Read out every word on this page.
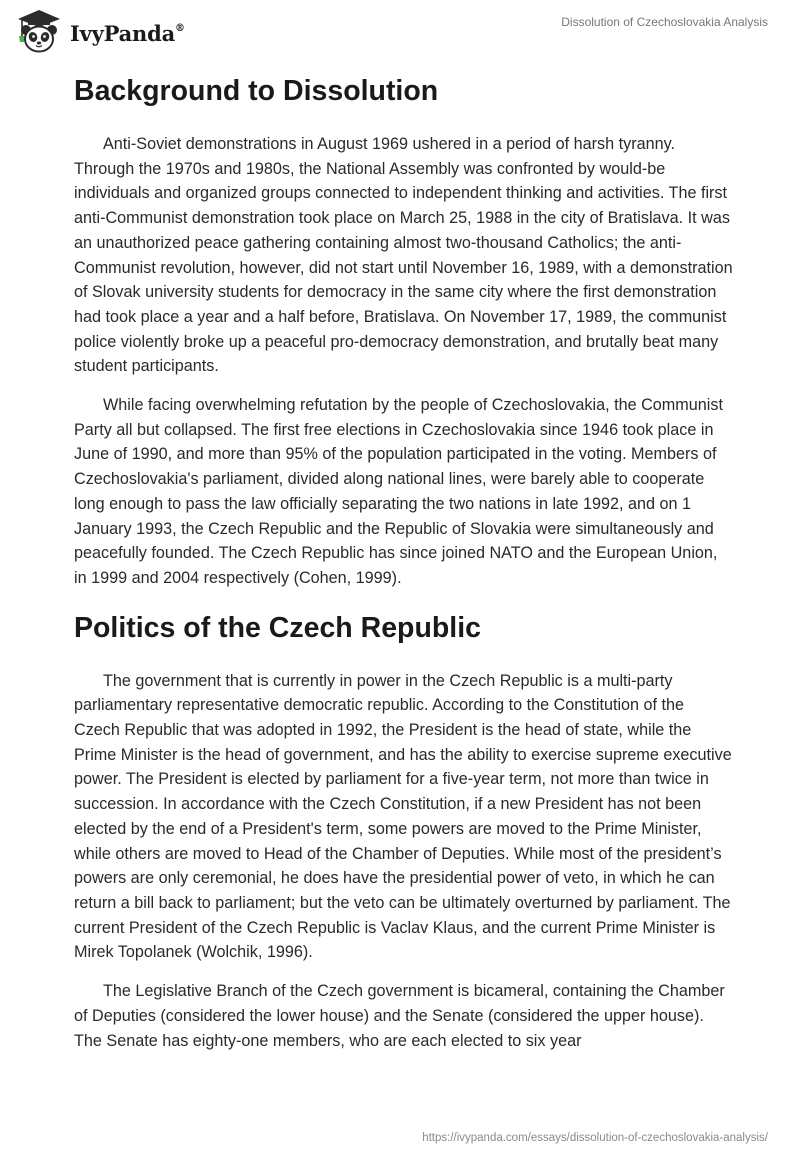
IvyPanda®	Dissolution of Czechoslovakia Analysis
Background to Dissolution

Anti-Soviet demonstrations in August 1969 ushered in a period of harsh tyranny. Through the 1970s and 1980s, the National Assembly was confronted by would-be individuals and organized groups connected to independent thinking and activities. The first anti-Communist demonstration took place on March 25, 1988 in the city of Bratislava. It was an unauthorized peace gathering containing almost two-thousand Catholics; the anti-Communist revolution, however, did not start until November 16, 1989, with a demonstration of Slovak university students for democracy in the same city where the first demonstration had took place a year and a half before, Bratislava. On November 17, 1989, the communist police violently broke up a peaceful pro-democracy demonstration, and brutally beat many student participants.

While facing overwhelming refutation by the people of Czechoslovakia, the Communist Party all but collapsed. The first free elections in Czechoslovakia since 1946 took place in June of 1990, and more than 95% of the population participated in the voting. Members of Czechoslovakia's parliament, divided along national lines, were barely able to cooperate long enough to pass the law officially separating the two nations in late 1992, and on 1 January 1993, the Czech Republic and the Republic of Slovakia were simultaneously and peacefully founded. The Czech Republic has since joined NATO and the European Union, in 1999 and 2004 respectively (Cohen, 1999).

Politics of the Czech Republic

The government that is currently in power in the Czech Republic is a multi-party parliamentary representative democratic republic. According to the Constitution of the Czech Republic that was adopted in 1992, the President is the head of state, while the Prime Minister is the head of government, and has the ability to exercise supreme executive power. The President is elected by parliament for a five-year term, not more than twice in succession. In accordance with the Czech Constitution, if a new President has not been elected by the end of a President's term, some powers are moved to the Prime Minister, while others are moved to Head of the Chamber of Deputies. While most of the president’s powers are only ceremonial, he does have the presidential power of veto, in which he can return a bill back to parliament; but the veto can be ultimately overturned by parliament. The current President of the Czech Republic is Vaclav Klaus, and the current Prime Minister is Mirek Topolanek (Wolchik, 1996).

The Legislative Branch of the Czech government is bicameral, containing the Chamber of Deputies (considered the lower house) and the Senate (considered the upper house). The Senate has eighty-one members, who are each elected to six year

https://ivypanda.com/essays/dissolution-of-czechoslovakia-analysis/
